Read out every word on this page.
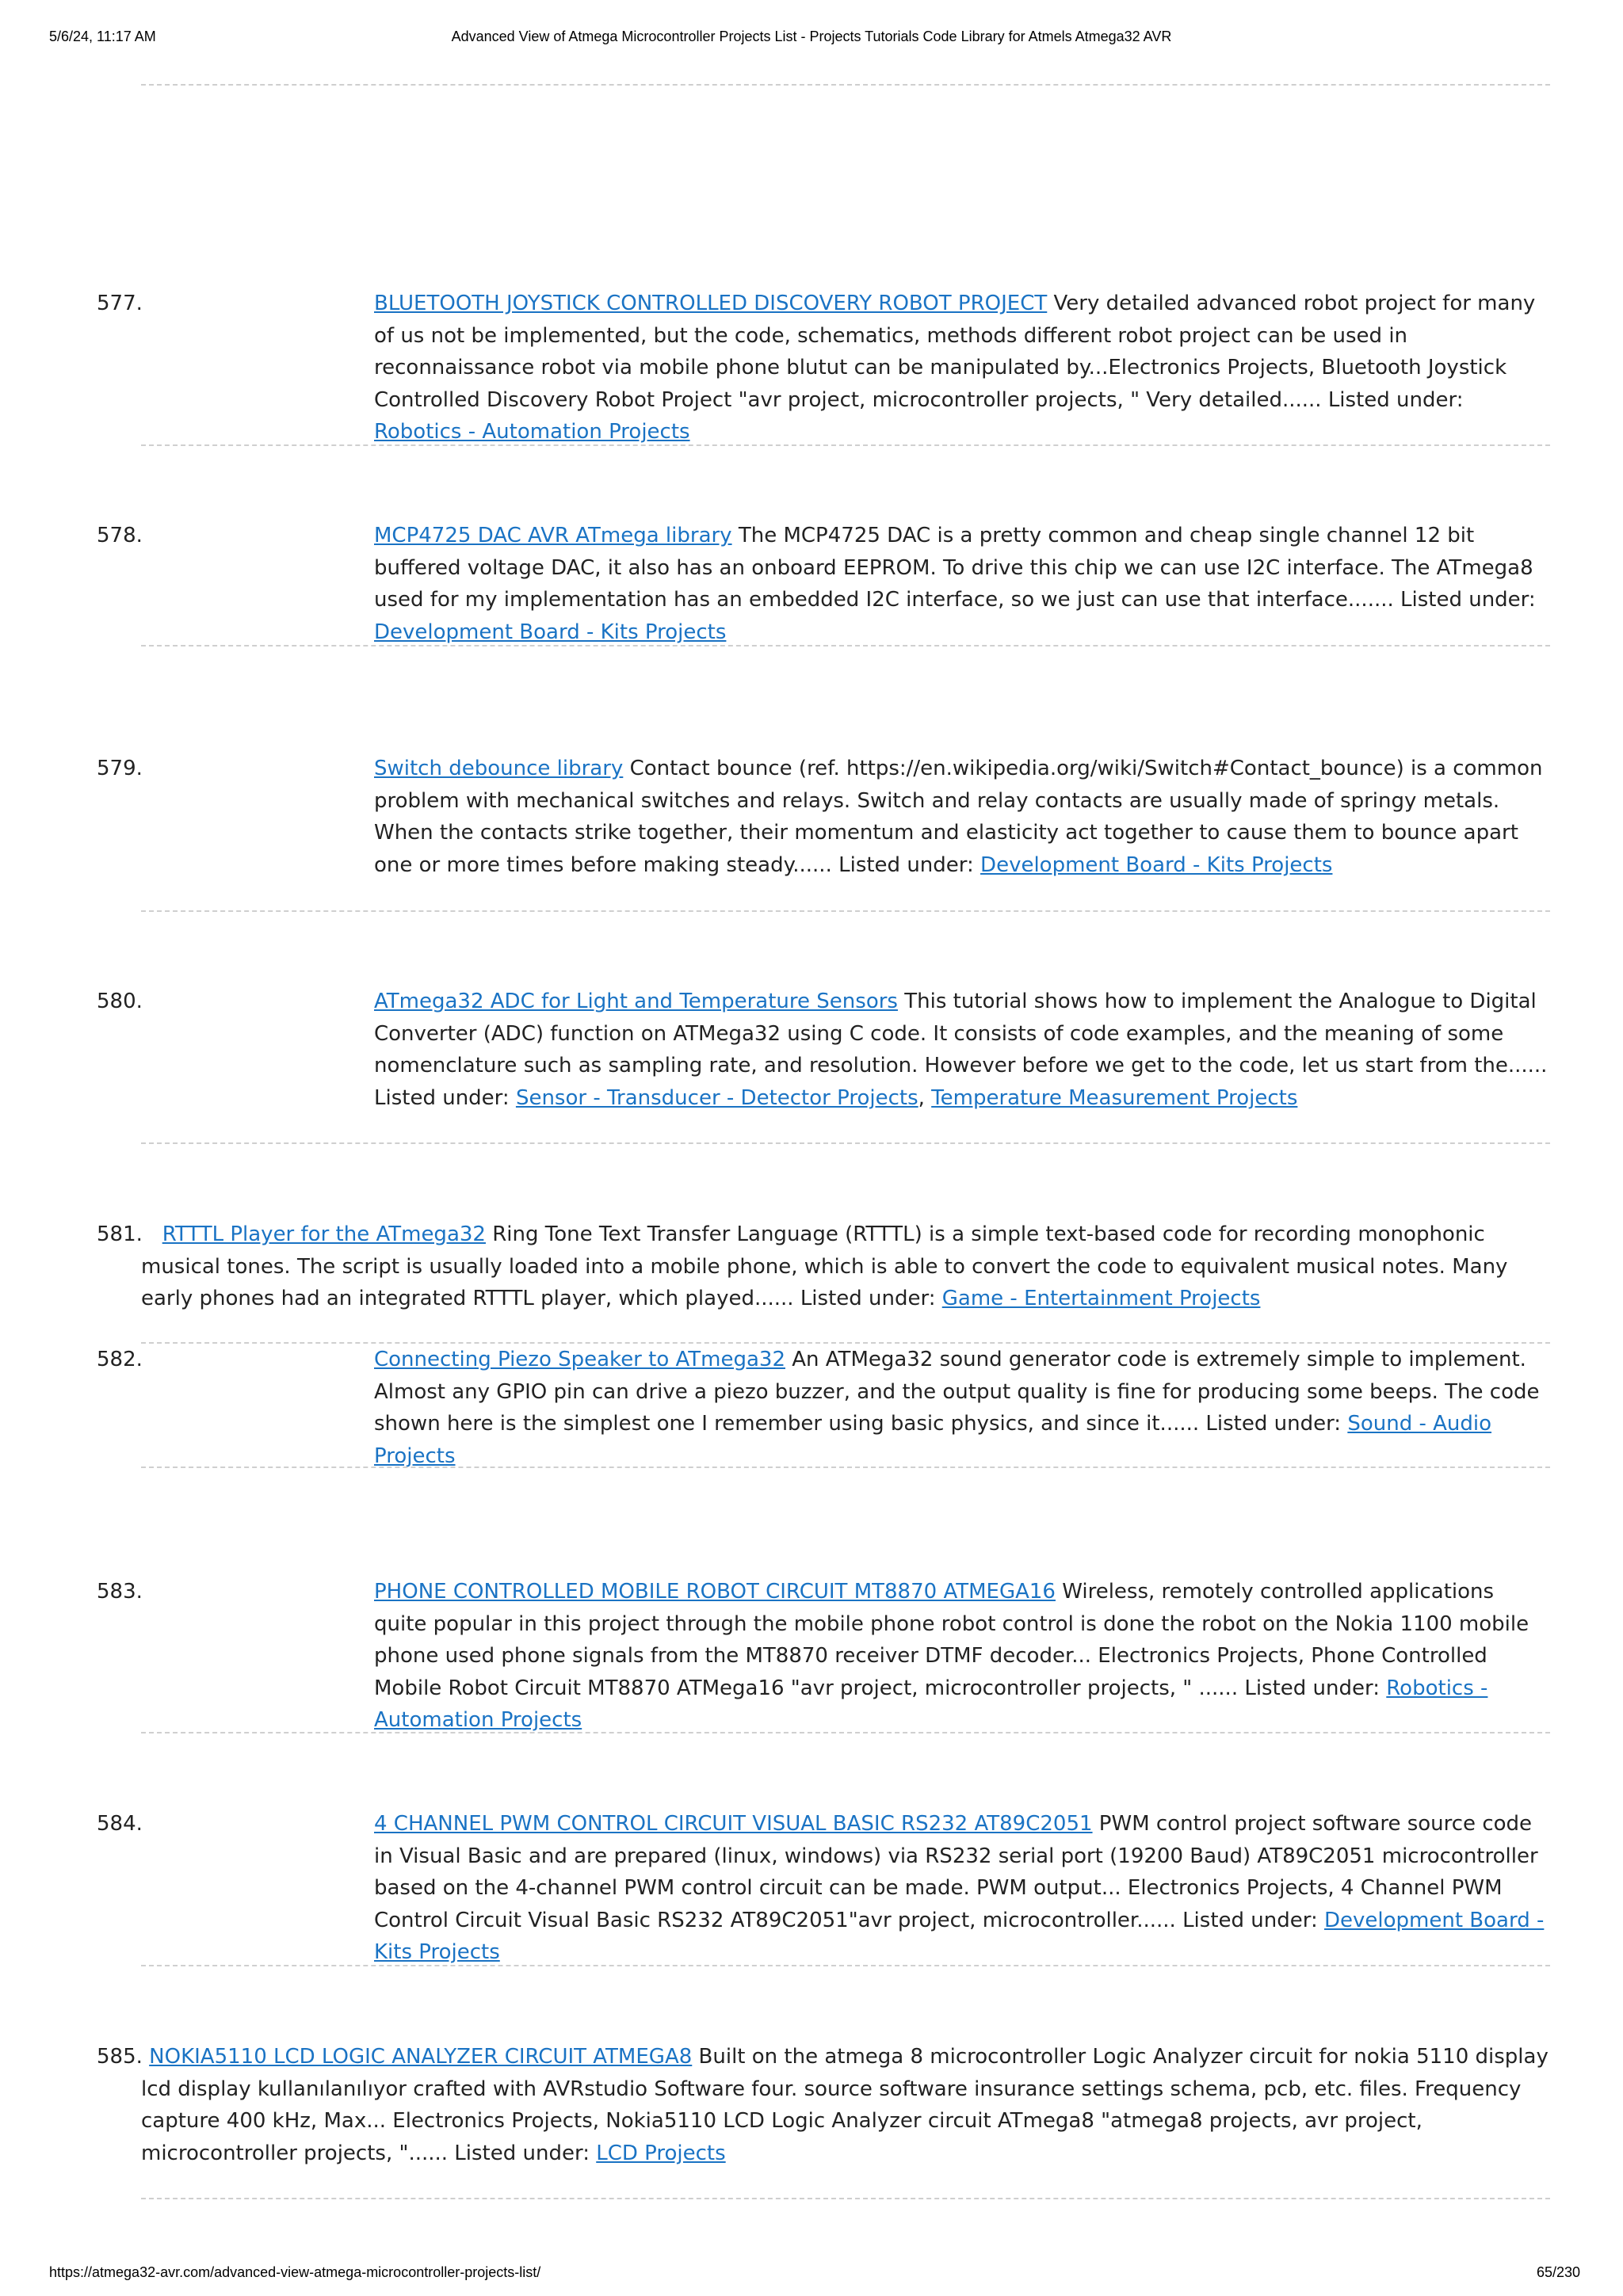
5/6/24, 11:17 AM	Advanced View of Atmega Microcontroller Projects List - Projects Tutorials Code Library for Atmels Atmega32 AVR
577.	BLUETOOTH JOYSTICK CONTROLLED DISCOVERY ROBOT PROJECT Very detailed advanced robot project for many of us not be implemented, but the code, schematics, methods different robot project can be used in reconnaissance robot via mobile phone blutut can be manipulated by...Electronics Projects, Bluetooth Joystick Controlled Discovery Robot Project "avr project, microcontroller projects, " Very detailed...... Listed under: Robotics - Automation Projects
578.	MCP4725 DAC AVR ATmega library The MCP4725 DAC is a pretty common and cheap single channel 12 bit buffered voltage DAC, it also has an onboard EEPROM. To drive this chip we can use I2C interface. The ATmega8 used for my implementation has an embedded I2C interface, so we just can use that interface....... Listed under: Development Board - Kits Projects
579.	Switch debounce library Contact bounce (ref. https://en.wikipedia.org/wiki/Switch#Contact_bounce) is a common problem with mechanical switches and relays. Switch and relay contacts are usually made of springy metals. When the contacts strike together, their momentum and elasticity act together to cause them to bounce apart one or more times before making steady...... Listed under: Development Board - Kits Projects
580.	ATmega32 ADC for Light and Temperature Sensors This tutorial shows how to implement the Analogue to Digital Converter (ADC) function on ATMega32 using C code. It consists of code examples, and the meaning of some nomenclature such as sampling rate, and resolution. However before we get to the code, let us start from the...... Listed under: Sensor - Transducer - Detector Projects, Temperature Measurement Projects
581. RTTTL Player for the ATmega32 Ring Tone Text Transfer Language (RTTTL) is a simple text-based code for recording monophonic musical tones. The script is usually loaded into a mobile phone, which is able to convert the code to equivalent musical notes. Many early phones had an integrated RTTTL player, which played...... Listed under: Game - Entertainment Projects
582.	Connecting Piezo Speaker to ATmega32 An ATMega32 sound generator code is extremely simple to implement. Almost any GPIO pin can drive a piezo buzzer, and the output quality is fine for producing some beeps. The code shown here is the simplest one I remember using basic physics, and since it...... Listed under: Sound - Audio Projects
583.	PHONE CONTROLLED MOBILE ROBOT CIRCUIT MT8870 ATMEGA16 Wireless, remotely controlled applications quite popular in this project through the mobile phone robot control is done the robot on the Nokia 1100 mobile phone used phone signals from the MT8870 receiver DTMF decoder... Electronics Projects, Phone Controlled Mobile Robot Circuit MT8870 ATMega16 "avr project, microcontroller projects, " ...... Listed under: Robotics - Automation Projects
584.	4 CHANNEL PWM CONTROL CIRCUIT VISUAL BASIC RS232 AT89C2051 PWM control project software source code in Visual Basic and are prepared (linux, windows) via RS232 serial port (19200 Baud) AT89C2051 microcontroller based on the 4-channel PWM control circuit can be made. PWM output... Electronics Projects, 4 Channel PWM Control Circuit Visual Basic RS232 AT89C2051"avr project, microcontroller...... Listed under: Development Board - Kits Projects
585. NOKIA5110 LCD LOGIC ANALYZER CIRCUIT ATMEGA8 Built on the atmega 8 microcontroller Logic Analyzer circuit for nokia 5110 display lcd display kullanılanılıyor crafted with AVRstudio Software four. source software insurance settings schema, pcb, etc. files. Frequency capture 400 kHz, Max... Electronics Projects, Nokia5110 LCD Logic Analyzer circuit ATmega8 "atmega8 projects, avr project, microcontroller projects, "...... Listed under: LCD Projects
https://atmega32-avr.com/advanced-view-atmega-microcontroller-projects-list/	65/230
